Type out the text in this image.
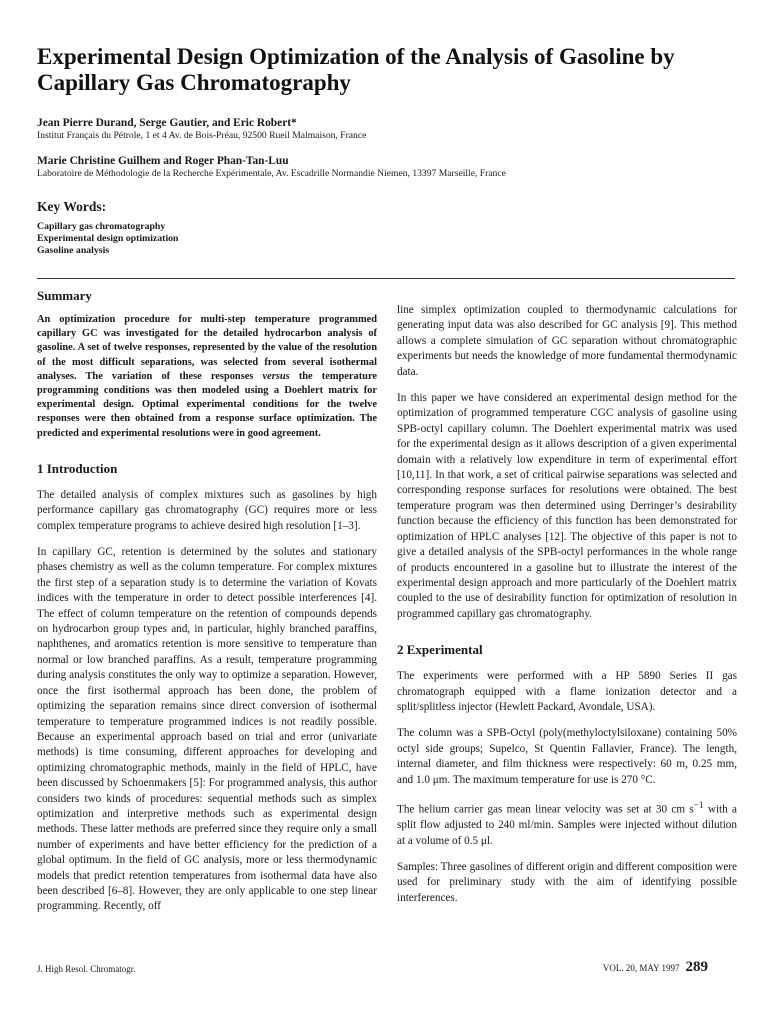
Experimental Design Optimization of the Analysis of Gasoline by Capillary Gas Chromatography
Jean Pierre Durand, Serge Gautier, and Eric Robert*
Institut Français du Pétrole, 1 et 4 Av. de Bois-Préau, 92500 Rueil Malmaison, France
Marie Christine Guilhem and Roger Phan-Tan-Luu
Laboratoire de Méthodologie de la Recherche Expérimentale, Av. Escadrille Normandie Niemen, 13397 Marseille, France
Key Words:
Capillary gas chromatography
Experimental design optimization
Gasoline analysis
Summary

An optimization procedure for multi-step temperature programmed capillary GC was investigated for the detailed hydrocarbon analysis of gasoline. A set of twelve responses, represented by the value of the resolution of the most difficult separations, was selected from several isothermal analyses. The variation of these responses versus the temperature programming conditions was then modeled using a Doehlert matrix for experimental design. Optimal experimental conditions for the twelve responses were then obtained from a response surface optimization. The predicted and experimental resolutions were in good agreement.

1 Introduction

The detailed analysis of complex mixtures such as gasolines by high performance capillary gas chromatography (GC) requires more or less complex temperature programs to achieve desired high resolution [1–3].

In capillary GC, retention is determined by the solutes and stationary phases chemistry as well as the column temperature. For complex mixtures the first step of a separation study is to determine the variation of Kovats indices with the temperature in order to detect possible interferences [4]. The effect of column temperature on the retention of compounds depends on hydrocarbon group types and, in particular, highly branched paraffins, naphthenes, and aromatics retention is more sensitive to temperature than normal or low branched paraffins. As a result, temperature programming during analysis constitutes the only way to optimize a separation. However, once the first isothermal approach has been done, the problem of optimizing the separation remains since direct conversion of isothermal temperature to temperature programmed indices is not readily possible. Because an experimental approach based on trial and error (univariate methods) is time consuming, different approaches for developing and optimizing chromatographic methods, mainly in the field of HPLC, have been discussed by Schoenmakers [5]: For programmed analysis, this author considers two kinds of procedures: sequential methods such as simplex optimization and interpretive methods such as experimental design methods. These latter methods are preferred since they require only a small number of experiments and have better efficiency for the prediction of a global optimum. In the field of GC analysis, more or less thermodynamic models that predict retention temperatures from isothermal data have also been described [6–8]. However, they are only applicable to one step linear programming. Recently, off

line simplex optimization coupled to thermodynamic calculations for generating input data was also described for GC analysis [9]. This method allows a complete simulation of GC separation without chromatographic experiments but needs the knowledge of more fundamental thermodynamic data.

In this paper we have considered an experimental design method for the optimization of programmed temperature CGC analysis of gasoline using SPB-octyl capillary column. The Doehlert experimental matrix was used for the experimental design as it allows description of a given experimental domain with a relatively low expenditure in term of experimental effort [10,11]. In that work, a set of critical pairwise separations was selected and corresponding response surfaces for resolutions were obtained. The best temperature program was then determined using Derringer’s desirability function because the efficiency of this function has been demonstrated for optimization of HPLC analyses [12]. The objective of this paper is not to give a detailed analysis of the SPB-octyl performances in the whole range of products encountered in a gasoline but to illustrate the interest of the experimental design approach and more particularly of the Doehlert matrix coupled to the use of desirability function for optimization of resolution in programmed capillary gas chromatography.

2 Experimental

The experiments were performed with a HP 5890 Series II gas chromatograph equipped with a flame ionization detector and a split/splitless injector (Hewlett Packard, Avondale, USA).

The column was a SPB-Octyl (poly(methyloctylsiloxane) containing 50% octyl side groups; Supelco, St Quentin Fallavier, France). The length, internal diameter, and film thickness were respectively: 60 m, 0.25 mm, and 1.0 μm. The maximum temperature for use is 270 °C.

The helium carrier gas mean linear velocity was set at 30 cm $s^{-1}$ with a split flow adjusted to 240 ml/min. Samples were injected without dilution at a volume of 0.5 μl.

Samples: Three gasolines of different origin and different composition were used for preliminary study with the aim of identifying possible interferences.

J. High Resol. Chromatogr.	VOL. 20, MAY 1997 289
